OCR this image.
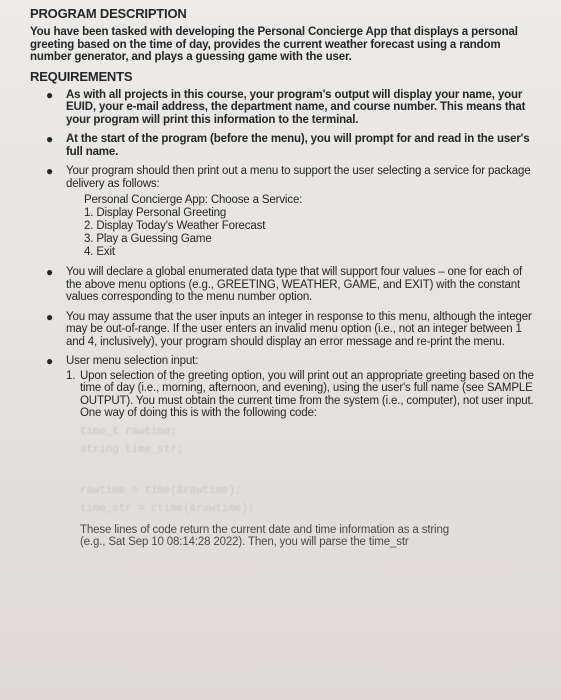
PROGRAM DESCRIPTION

You have been tasked with developing the Personal Concierge App that displays a personal greeting based on the time of day, provides the current weather forecast using a random number generator, and plays a guessing game with the user.

REQUIREMENTS

● As with all projects in this course, your program's output will display your name, your EUID, your e-mail address, the department name, and course number. This means that your program will print this information to the terminal.
● At the start of the program (before the menu), you will prompt for and read in the user's full name.
● Your program should then print out a menu to support the user selecting a service for package delivery as follows:
Personal Concierge App: Choose a Service:
1. Display Personal Greeting
2. Display Today's Weather Forecast
3. Play a Guessing Game
4. Exit
● You will declare a global enumerated data type that will support four values – one for each of the above menu options (e.g., GREETING, WEATHER, GAME, and EXIT) with the constant values corresponding to the menu number option.
● You may assume that the user inputs an integer in response to this menu, although the integer may be out-of-range. If the user enters an invalid menu option (i.e., not an integer between 1 and 4, inclusively), your program should display an error message and re-print the menu.
● User menu selection input:
1. Upon selection of the greeting option, you will print out an appropriate greeting based on the time of day (i.e., morning, afternoon, and evening), using the user's full name (see SAMPLE OUTPUT). You must obtain the current time from the system (i.e., computer), not user input. One way of doing this is with the following code:
time_t rawtime;
string time_str;
rawtime = time(&rawtime);
time_str = ctime(&rawtime);
These lines of code return the current date and time information as a string
(e.g., Sat Sep 10 08:14:28 2022). Then, you will parse the time_str
